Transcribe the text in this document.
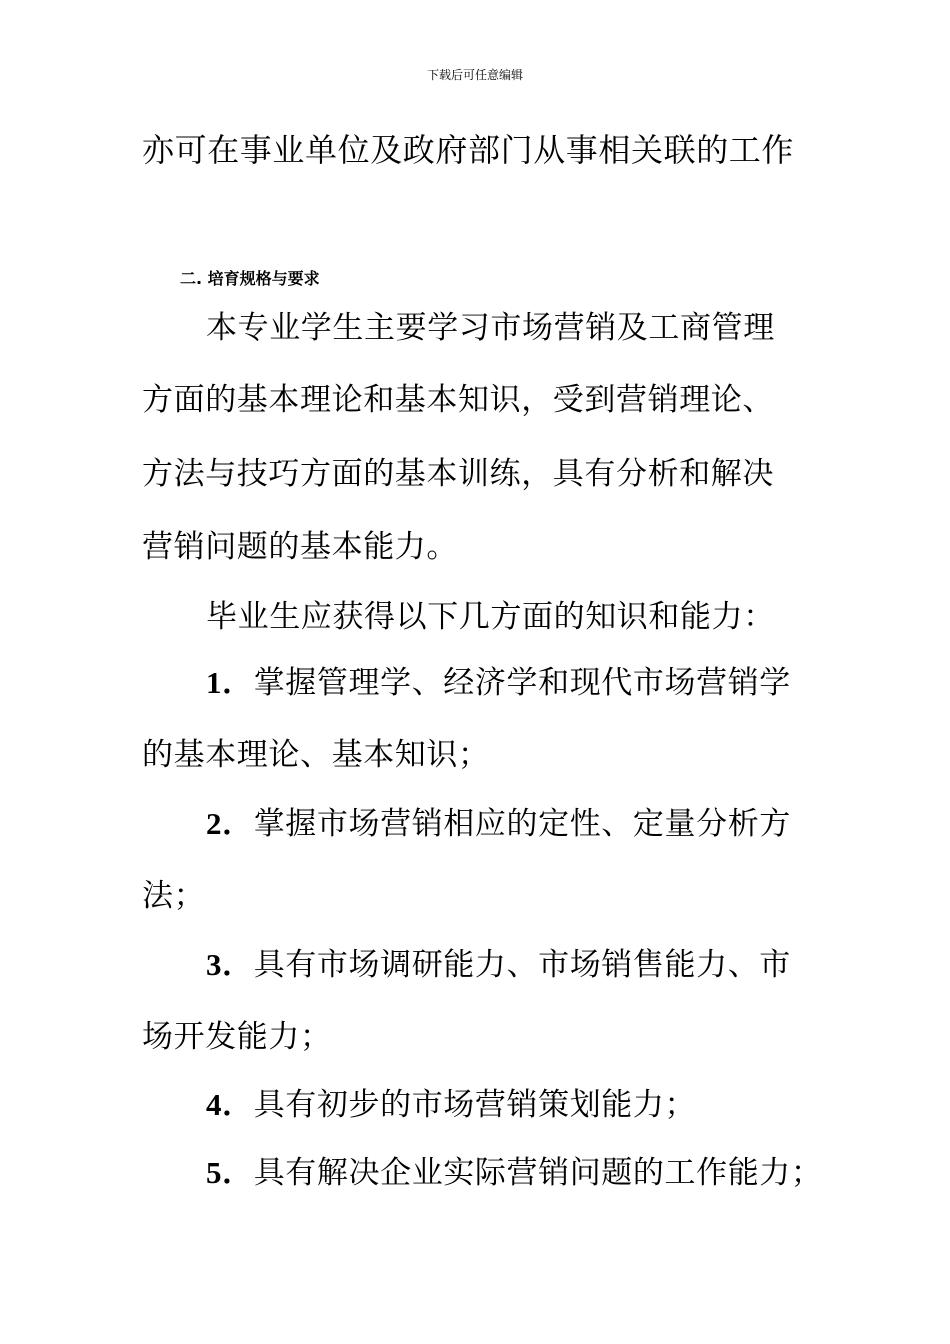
下载后可任意编辑
亦可在事业单位及政府部门从事相关联的工作
二. 培育规格与要求
本专业学生主要学习市场营销及工商管理
方面的基本理论和基本知识，受到营销理论、
方法与技巧方面的基本训练，具有分析和解决
营销问题的基本能力。
毕业生应获得以下几方面的知识和能力：
1．掌握管理学、经济学和现代市场营销学
的基本理论、基本知识；
2．掌握市场营销相应的定性、定量分析方
法；
3．具有市场调研能力、市场销售能力、市
场开发能力；
4．具有初步的市场营销策划能力；
5．具有解决企业实际营销问题的工作能力；
